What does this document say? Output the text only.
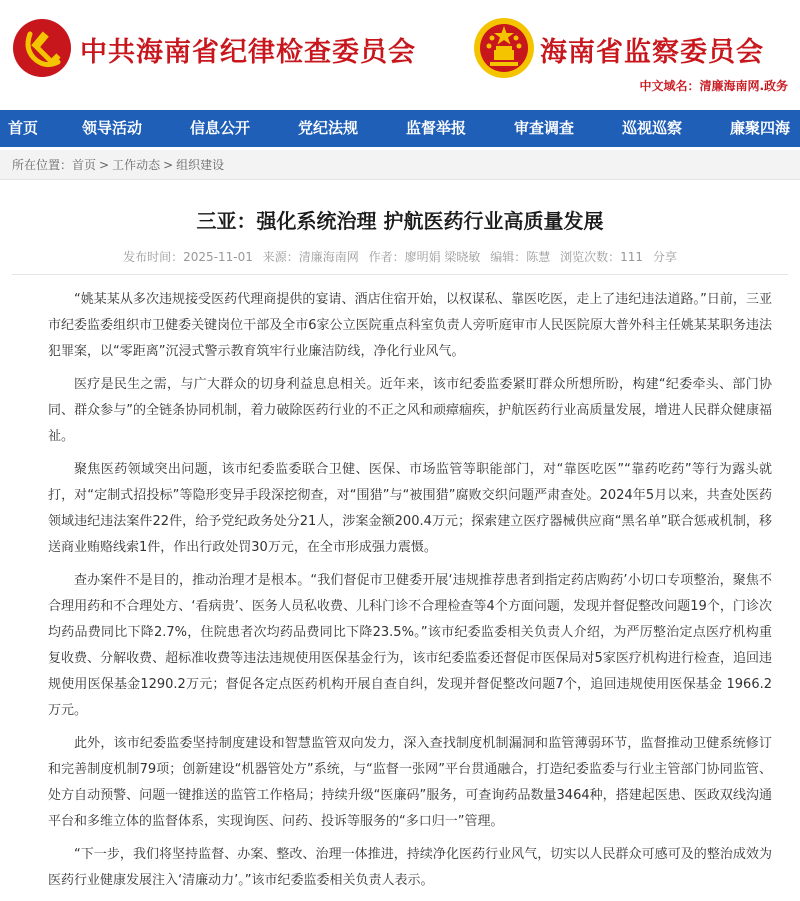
中共海南省纪律检查委员会	海南省监察委员会
中文域名：清廉海南网.政务
首页	领导活动	信息公开	党纪法规	监督举报	审查调查	巡视巡察	廉聚四海
所在位置：首页 > 工作动态 > 组织建设
三亚：强化系统治理 护航医药行业高质量发展
发布时间：2025-11-01 来源：清廉海南网 作者：廖明娟 梁晓敏 编辑：陈慧 浏览次数：111 分享

“姚某某从多次违规接受医药代理商提供的宴请、酒店住宿开始，以权谋私、靠医吃医，走上了违纪违法道路。”日前，三亚市纪委监委组织市卫健委关键岗位干部及全市6家公立医院重点科室负责人旁听庭审市人民医院原大普外科主任姚某某职务违法犯罪案，以“零距离”沉浸式警示教育筑牢行业廉洁防线，净化行业风气。

医疗是民生之需，与广大群众的切身利益息息相关。近年来，该市纪委监委紧盯群众所想所盼，构建“纪委牵头、部门协同、群众参与”的全链条协同机制，着力破除医药行业的不正之风和顽瘴痼疾，护航医药行业高质量发展，增进人民群众健康福祉。

聚焦医药领域突出问题，该市纪委监委联合卫健、医保、市场监管等职能部门，对“靠医吃医”“靠药吃药”等行为露头就打，对“定制式招投标”等隐形变异手段深挖彻查，对“围猎”与“被围猎”腐败交织问题严肃查处。2024年5月以来，共查处医药领域违纪违法案件22件，给予党纪政务处分21人，涉案金额200.4万元；探索建立医疗器械供应商“黑名单”联合惩戒机制，移送商业贿赂线索1件，作出行政处罚30万元，在全市形成强力震慑。

查办案件不是目的，推动治理才是根本。“我们督促市卫健委开展‘违规推荐患者到指定药店购药’小切口专项整治，聚焦不合理用药和不合理处方、‘看病贵’、医务人员私收费、儿科门诊不合理检查等4个方面问题，发现并督促整改问题19个，门诊次均药品费同比下降2.7%，住院患者次均药品费同比下降23.5%。”该市纪委监委相关负责人介绍，为严厉整治定点医疗机构重复收费、分解收费、超标准收费等违法违规使用医保基金行为，该市纪委监委还督促市医保局对5家医疗机构进行检查，追回违规使用医保基金1290.2万元；督促各定点医药机构开展自查自纠，发现并督促整改问题7个，追回违规使用医保基金 1966.2万元。

此外，该市纪委监委坚持制度建设和智慧监管双向发力，深入查找制度机制漏洞和监管薄弱环节，监督推动卫健系统修订和完善制度机制79项；创新建设“机器管处方”系统，与“监督一张网”平台贯通融合，打造纪委监委与行业主管部门协同监管、处方自动预警、问题一键推送的监管工作格局；持续升级“医廉码”服务，可查询药品数量3464种，搭建起医患、医政双线沟通平台和多维立体的监督体系，实现询医、问药、投诉等服务的“多口归一”管理。

“下一步，我们将坚持监督、办案、整改、治理一体推进，持续净化医药行业风气，切实以人民群众可感可及的整治成效为医药行业健康发展注入‘清廉动力’。”该市纪委监委相关负责人表示。
